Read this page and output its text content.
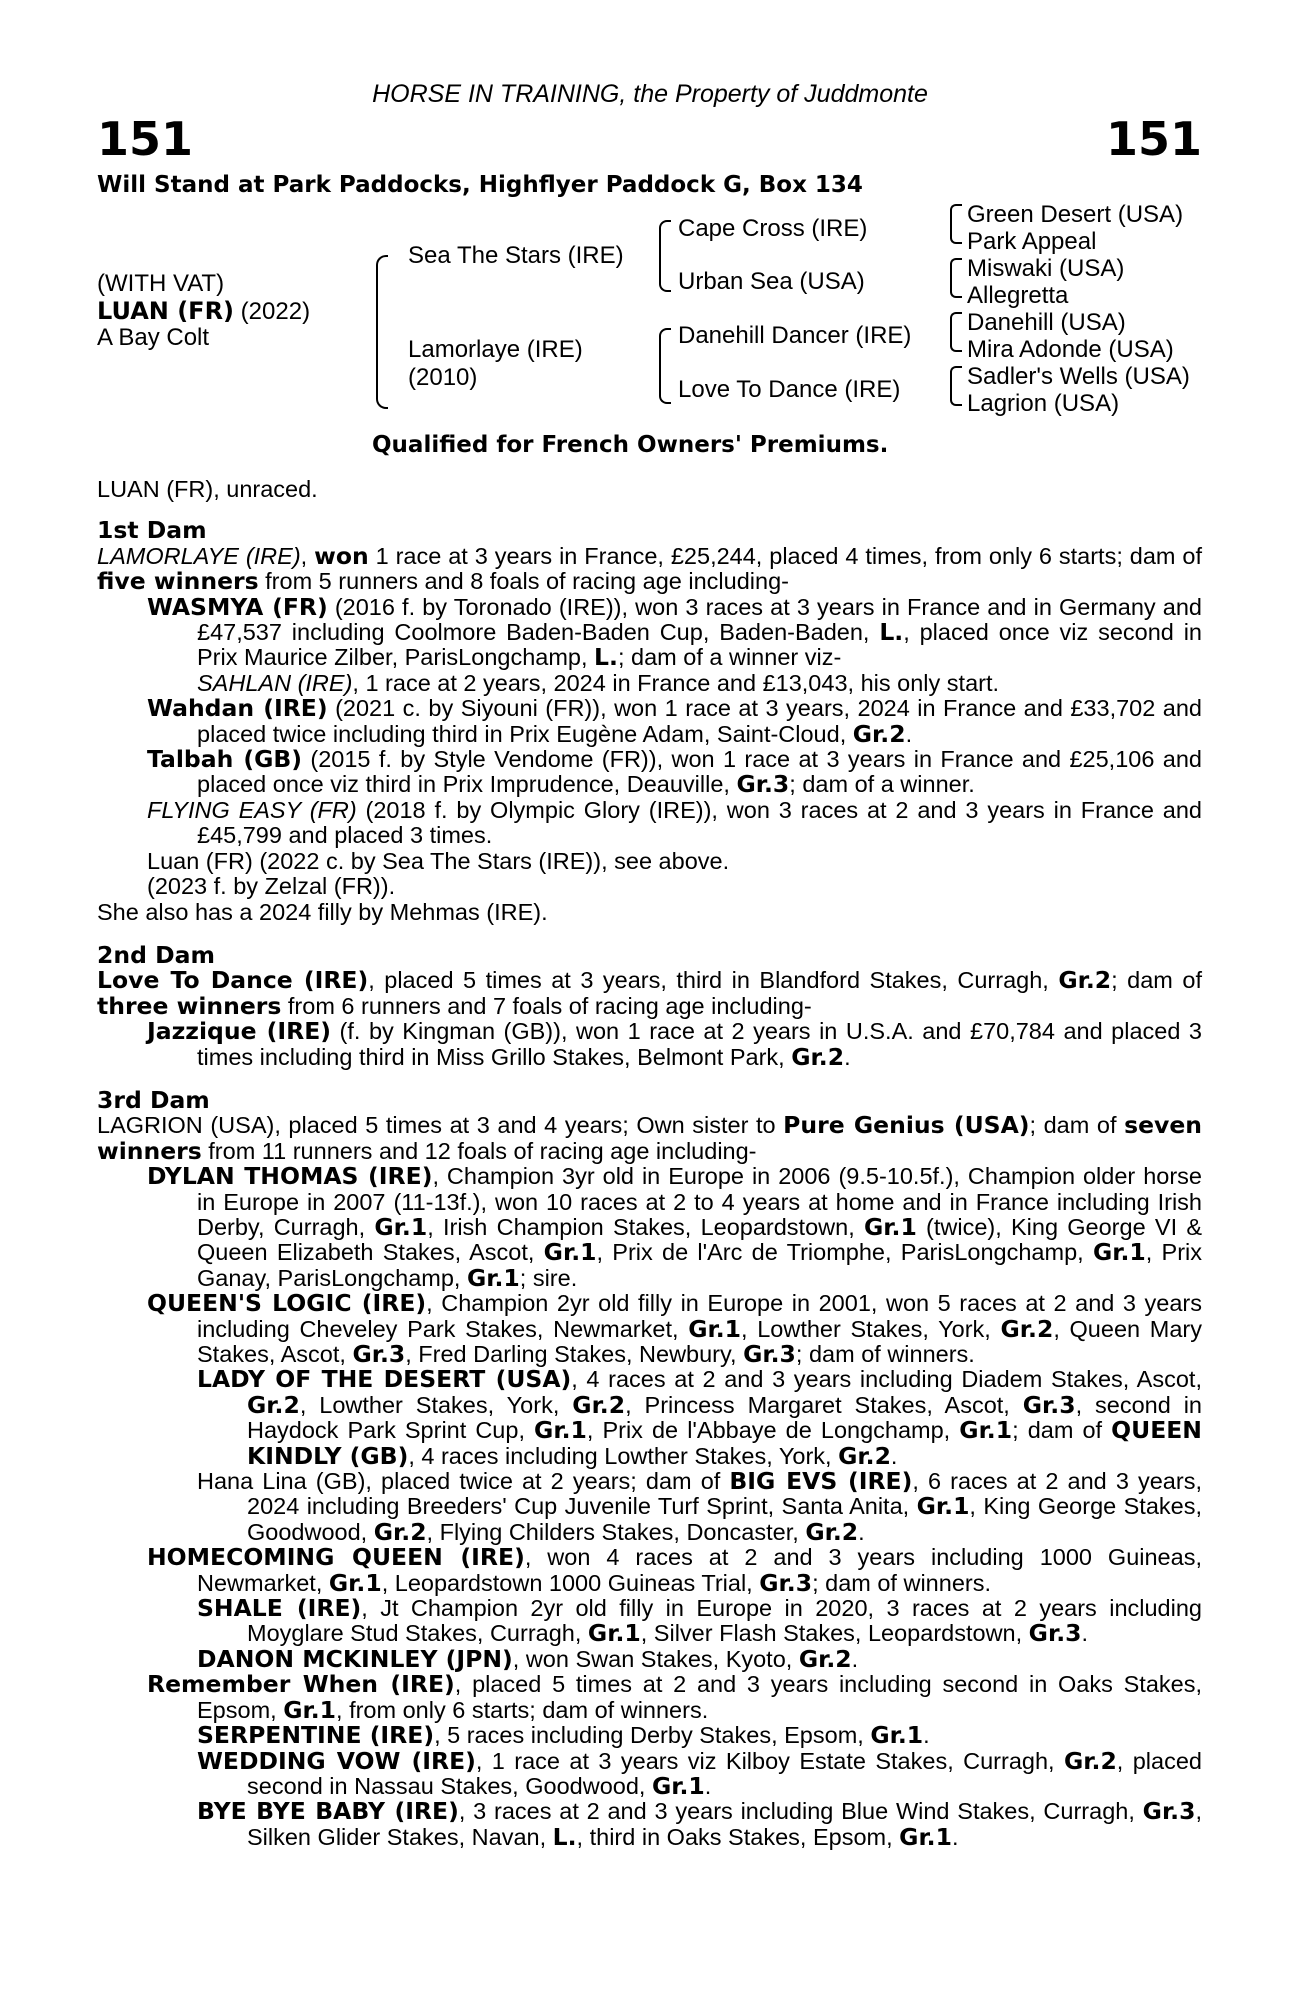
HORSE IN TRAINING, the Property of Juddmonte
151	151
Will Stand at Park Paddocks, Highflyer Paddock G, Box 134
(WITH VAT)
LUAN (FR) (2022)
A Bay Colt
Sea The Stars (IRE)
Lamorlaye (IRE)
(2010)
Cape Cross (IRE)
Urban Sea (USA)
Danehill Dancer (IRE)
Love To Dance (IRE)
Green Desert (USA)
Park Appeal
Miswaki (USA)
Allegretta
Danehill (USA)
Mira Adonde (USA)
Sadler's Wells (USA)
Lagrion (USA)
Qualified for French Owners' Premiums.

LUAN (FR), unraced.

1st Dam

LAMORLAYE (IRE), won 1 race at 3 years in France, £25,244, placed 4 times, from only 6 starts; dam of five winners from 5 runners and 8 foals of racing age including-

WASMYA (FR) (2016 f. by Toronado (IRE)), won 3 races at 3 years in France and in Germany and £47,537 including Coolmore Baden-Baden Cup, Baden-Baden, L., placed once viz second in Prix Maurice Zilber, ParisLongchamp, L.; dam of a winner viz-

SAHLAN (IRE), 1 race at 2 years, 2024 in France and £13,043, his only start.

Wahdan (IRE) (2021 c. by Siyouni (FR)), won 1 race at 3 years, 2024 in France and £33,702 and placed twice including third in Prix Eugène Adam, Saint-Cloud, Gr.2.

Talbah (GB) (2015 f. by Style Vendome (FR)), won 1 race at 3 years in France and £25,106 and placed once viz third in Prix Imprudence, Deauville, Gr.3; dam of a winner.

FLYING EASY (FR) (2018 f. by Olympic Glory (IRE)), won 3 races at 2 and 3 years in France and £45,799 and placed 3 times.

Luan (FR) (2022 c. by Sea The Stars (IRE)), see above.

(2023 f. by Zelzal (FR)).

She also has a 2024 filly by Mehmas (IRE).

2nd Dam

Love To Dance (IRE), placed 5 times at 3 years, third in Blandford Stakes, Curragh, Gr.2; dam of three winners from 6 runners and 7 foals of racing age including-

Jazzique (IRE) (f. by Kingman (GB)), won 1 race at 2 years in U.S.A. and £70,784 and placed 3 times including third in Miss Grillo Stakes, Belmont Park, Gr.2.

3rd Dam

LAGRION (USA), placed 5 times at 3 and 4 years; Own sister to Pure Genius (USA); dam of seven winners from 11 runners and 12 foals of racing age including-

DYLAN THOMAS (IRE), Champion 3yr old in Europe in 2006 (9.5-10.5f.), Champion older horse in Europe in 2007 (11-13f.), won 10 races at 2 to 4 years at home and in France including Irish Derby, Curragh, Gr.1, Irish Champion Stakes, Leopardstown, Gr.1 (twice), King George VI & Queen Elizabeth Stakes, Ascot, Gr.1, Prix de l'Arc de Triomphe, ParisLongchamp, Gr.1, Prix Ganay, ParisLongchamp, Gr.1; sire.

QUEEN'S LOGIC (IRE), Champion 2yr old filly in Europe in 2001, won 5 races at 2 and 3 years including Cheveley Park Stakes, Newmarket, Gr.1, Lowther Stakes, York, Gr.2, Queen Mary Stakes, Ascot, Gr.3, Fred Darling Stakes, Newbury, Gr.3; dam of winners.

LADY OF THE DESERT (USA), 4 races at 2 and 3 years including Diadem Stakes, Ascot, Gr.2, Lowther Stakes, York, Gr.2, Princess Margaret Stakes, Ascot, Gr.3, second in Haydock Park Sprint Cup, Gr.1, Prix de l'Abbaye de Longchamp, Gr.1; dam of QUEEN KINDLY (GB), 4 races including Lowther Stakes, York, Gr.2.

Hana Lina (GB), placed twice at 2 years; dam of BIG EVS (IRE), 6 races at 2 and 3 years, 2024 including Breeders' Cup Juvenile Turf Sprint, Santa Anita, Gr.1, King George Stakes, Goodwood, Gr.2, Flying Childers Stakes, Doncaster, Gr.2.

HOMECOMING QUEEN (IRE), won 4 races at 2 and 3 years including 1000 Guineas, Newmarket, Gr.1, Leopardstown 1000 Guineas Trial, Gr.3; dam of winners.

SHALE (IRE), Jt Champion 2yr old filly in Europe in 2020, 3 races at 2 years including Moyglare Stud Stakes, Curragh, Gr.1, Silver Flash Stakes, Leopardstown, Gr.3.

DANON MCKINLEY (JPN), won Swan Stakes, Kyoto, Gr.2.

Remember When (IRE), placed 5 times at 2 and 3 years including second in Oaks Stakes, Epsom, Gr.1, from only 6 starts; dam of winners.

SERPENTINE (IRE), 5 races including Derby Stakes, Epsom, Gr.1.

WEDDING VOW (IRE), 1 race at 3 years viz Kilboy Estate Stakes, Curragh, Gr.2, placed second in Nassau Stakes, Goodwood, Gr.1.

BYE BYE BABY (IRE), 3 races at 2 and 3 years including Blue Wind Stakes, Curragh, Gr.3, Silken Glider Stakes, Navan, L., third in Oaks Stakes, Epsom, Gr.1.
